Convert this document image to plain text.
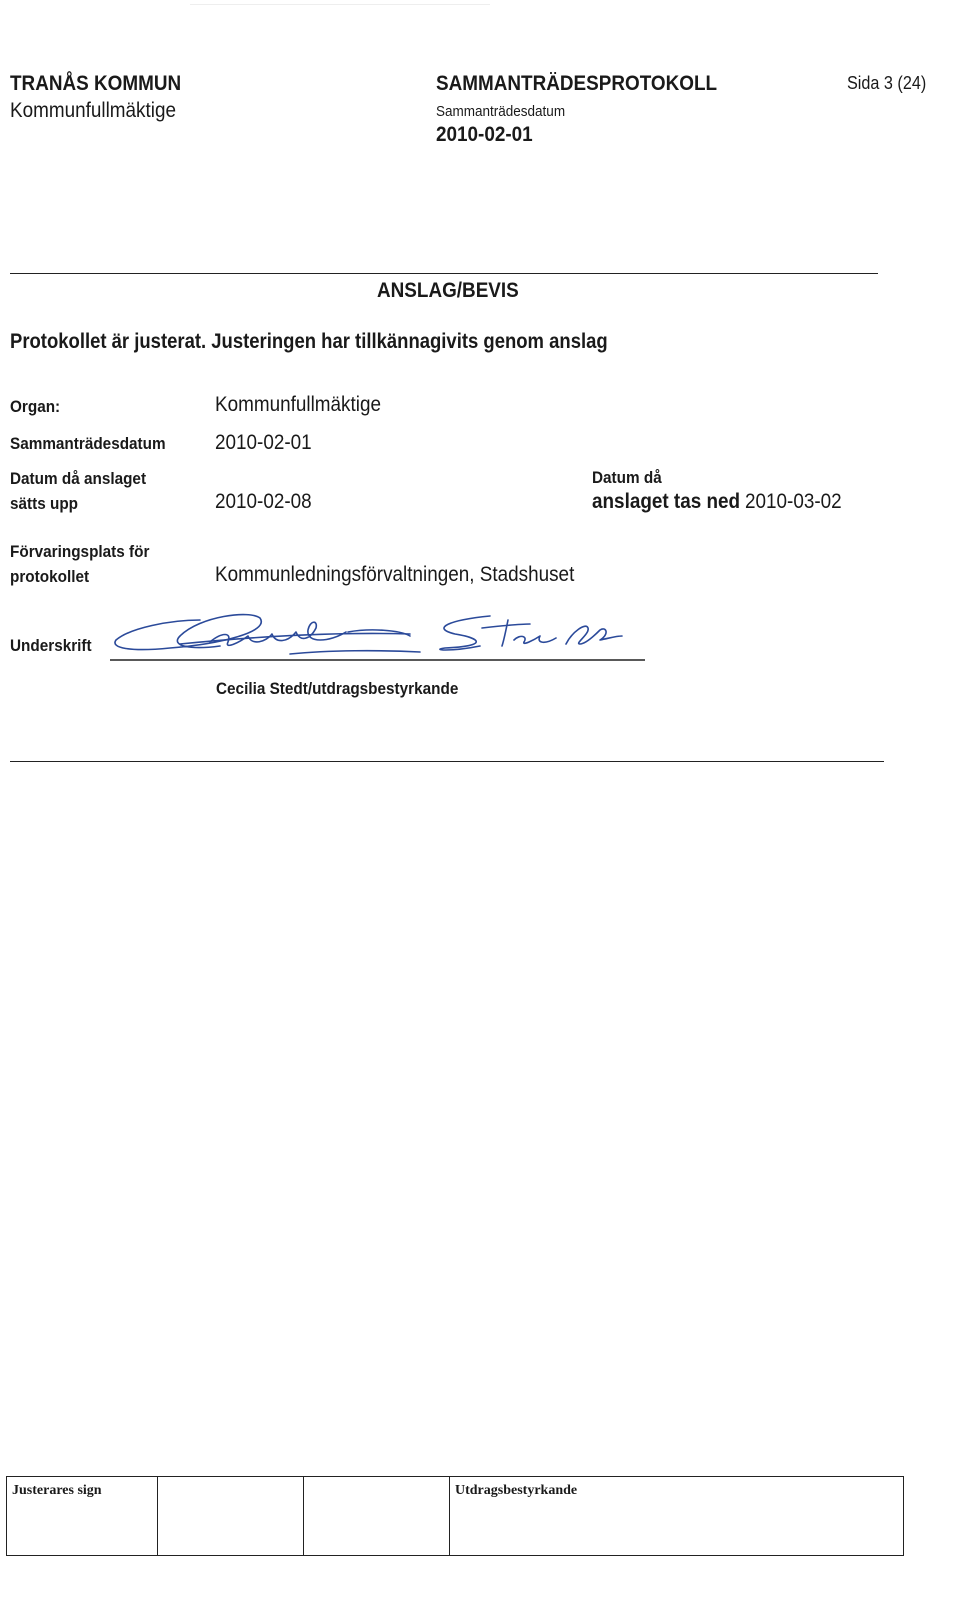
TRANÅS KOMMUN
Kommunfullmäktige
SAMMANTRÄDESPROTOKOLL
Sammanträdesdatum
2010-02-01
Sida 3 (24)
ANSLAG/BEVIS
Protokollet är justerat. Justeringen har tillkännagivits genom anslag
Organ:	Kommunfullmäktige
Sammanträdesdatum	2010-02-01
Datum då anslaget
sätts upp	2010-02-08
Datum då
anslaget tas ned 2010-03-02
Förvaringsplats för
protokollet	Kommunledningsförvaltningen, Stadshuset
Underskrift
Cecilia Stedt/utdragsbestyrkande
Justerares sign			Utdragsbestyrkande
